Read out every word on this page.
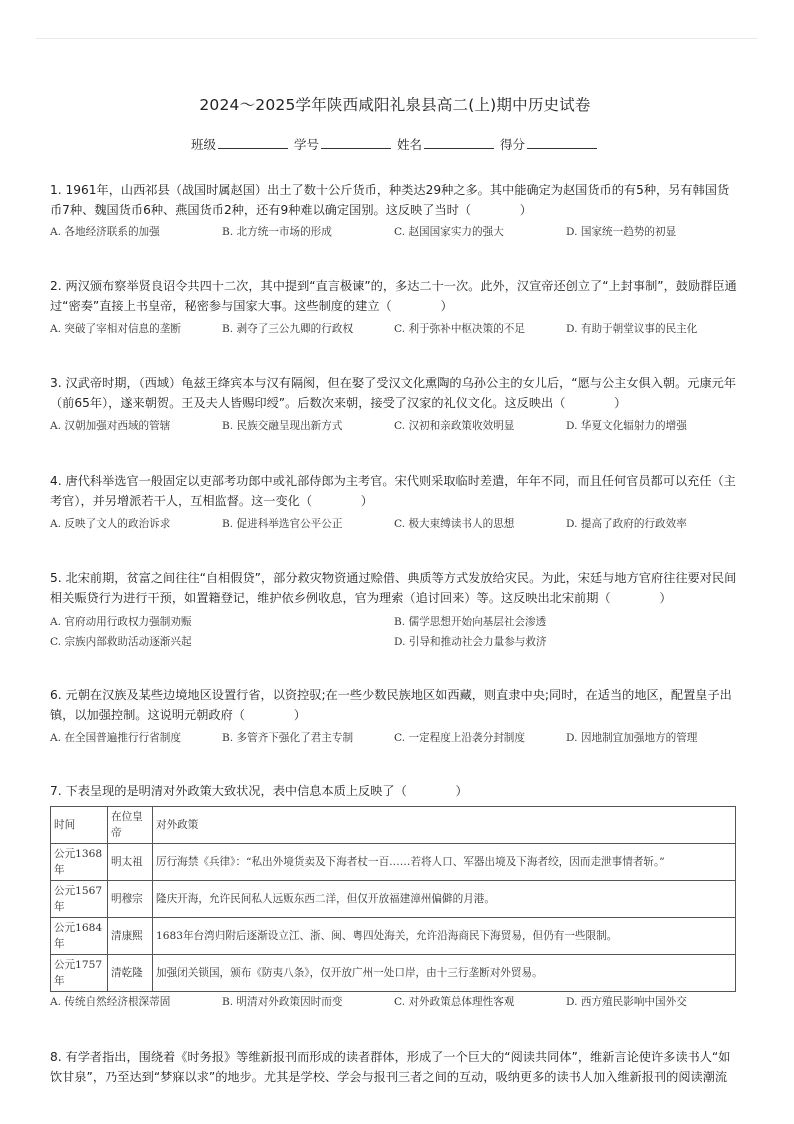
2024～2025学年陕西咸阳礼泉县高二(上)期中历史试卷
班级	学号	姓名	得分
1. 1961年，山西祁县（战国时属赵国）出土了数十公斤货币，种类达29种之多。其中能确定为赵国货币的有5种，另有韩国货币7种、魏国货币6种、燕国货币2种，还有9种难以确定国别。这反映了当时（　　　　）
A. 各地经济联系的加强	B. 北方统一市场的形成	C. 赵国国家实力的强大	D. 国家统一趋势的初显
2. 两汉颁布察举贤良诏令共四十二次，其中提到“直言极谏”的，多达二十一次。此外，汉宣帝还创立了“上封事制”，鼓励群臣通过“密奏”直接上书皇帝，秘密参与国家大事。这些制度的建立（　　　　）
A. 突破了宰相对信息的垄断	B. 剥夺了三公九卿的行政权	C. 利于弥补中枢决策的不足	D. 有助于朝堂议事的民主化
3. 汉武帝时期，（西域）龟兹王绛宾本与汉有隔阂，但在娶了受汉文化熏陶的乌孙公主的女儿后，“愿与公主女俱入朝。元康元年（前65年），遂来朝贺。王及夫人皆赐印绶”。后数次来朝，接受了汉家的礼仪文化。这反映出（　　　　）
A. 汉朝加强对西域的管辖	B. 民族交融呈现出新方式	C. 汉初和亲政策收效明显	D. 华夏文化辐射力的增强
4. 唐代科举选官一般固定以吏部考功郎中或礼部侍郎为主考官。宋代则采取临时差遣，年年不同，而且任何官员都可以充任（主考官），并另增派若干人，互相监督。这一变化（　　　　）
A. 反映了文人的政治诉求	B. 促进科举选官公平公正	C. 极大束缚读书人的思想	D. 提高了政府的行政效率
5. 北宋前期，贫富之间往往“自相假贷”，部分救灾物资通过赊借、典质等方式发放给灾民。为此，宋廷与地方官府往往要对民间相关赈贷行为进行干预，如置籍登记，维护依乡例收息，官为理索（追讨回来）等。这反映出北宋前期（　　　　）
A. 官府动用行政权力强制劝赈	B. 儒学思想开始向基层社会渗透
C. 宗族内部救助活动逐渐兴起	D. 引导和推动社会力量参与救济
6. 元朝在汉族及某些边境地区设置行省，以资控驭;在一些少数民族地区如西藏，则直隶中央;同时，在适当的地区，配置皇子出镇，以加强控制。这说明元朝政府（　　　　）
A. 在全国普遍推行行省制度	B. 多管齐下强化了君主专制	C. 一定程度上沿袭分封制度	D. 因地制宜加强地方的管理
7. 下表呈现的是明清对外政策大致状况，表中信息本质上反映了（　　　　）
时间	在位皇帝	对外政策
公元1368年	明太祖	厉行海禁《兵律》：“私出外境货卖及下海者杖一百……若将人口、军器出境及下海者绞，因而走泄事情者斩。”
公元1567年	明穆宗	隆庆开海，允许民间私人远贩东西二洋，但仅开放福建漳州偏僻的月港。
公元1684年	清康熙	1683年台湾归附后逐渐设立江、浙、闽、粤四处海关，允许沿海商民下海贸易，但仍有一些限制。
公元1757年	清乾隆	加强闭关锁国，颁布《防夷八条》，仅开放广州一处口岸，由十三行垄断对外贸易。
A. 传统自然经济根深蒂固	B. 明清对外政策因时而变	C. 对外政策总体理性客观	D. 西方殖民影响中国外交
8. 有学者指出，围绕着《时务报》等维新报刊而形成的读者群体，形成了一个巨大的“阅读共同体”，维新言论使许多读书人“如饮甘泉”，乃至达到“梦寐以求”的地步。尤其是学校、学会与报刊三者之间的互动，吸纳更多的读书人加入维新报刊的阅读潮流
